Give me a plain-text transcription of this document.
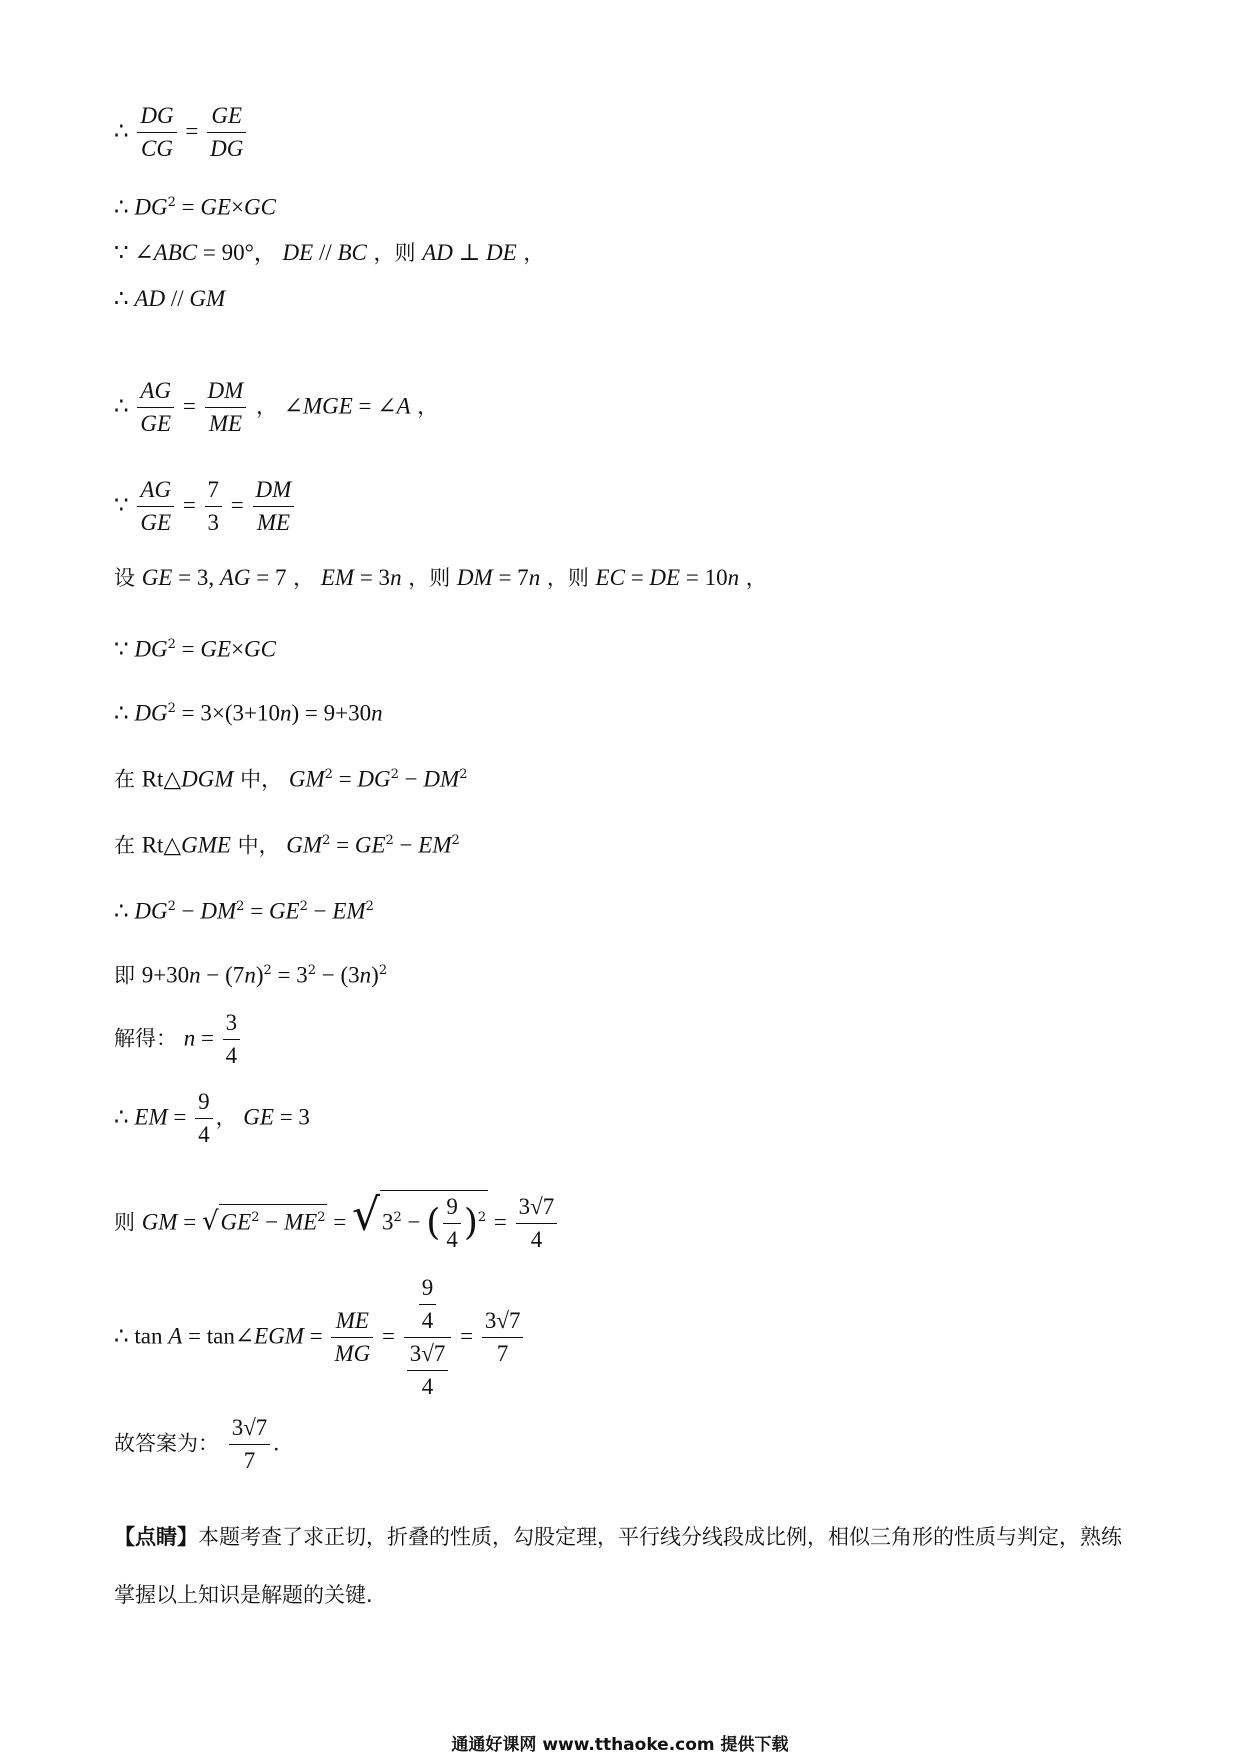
∴ $\frac{DG}{CG} = \frac{GE}{DG}$
∴ $DG^2 = GE\times GC$
∵ ∠ABC = 90°， DE // BC ，则 AD ⊥ DE ，
∴ AD // GM
∴ $\frac{AG}{GE} = \frac{DM}{ME}$ ， ∠MGE = ∠A ，
∵ $\frac{AG}{GE} = \frac{7}{3} = \frac{DM}{ME}$
设 GE = 3, AG = 7 ， EM = 3n ，则 DM = 7n ，则 EC = DE = 10n ，
∵ $DG^2 = GE\times GC$
∴ $DG^2 = 3\times(3+10n) = 9+30n$
在 Rt△DGM 中， $GM^2 = DG^2 - DM^2$
在 Rt△GME 中， $GM^2 = GE^2 - EM^2$
∴ $DG^2 - DM^2 = GE^2 - EM^2$
即 $9+30n - (7n)^2 = 3^2 - (3n)^2$
解得： $n = \frac{3}{4}$
∴ EM = $\frac{9}{4}$ ， GE = 3
则 GM = $√GE^2 - ME^2 = √3^2$ − ( $\frac{9}{4} )^2 = \frac{3√7}{4}$
∴ tan A = tan∠EGM = $\frac{ME}{MG} = \frac{\frac{9}{4}}{\frac{3√7}{4}} = \frac{3√7}{7}$
故答案为： $\frac{3√7}{7}$ .
【点睛】本题考查了求正切，折叠的性质，勾股定理，平行线分线段成比例，相似三角形的性质与判定，熟练掌握以上知识是解题的关键.
通通好课网 www.tthaoke.com 提供下载
